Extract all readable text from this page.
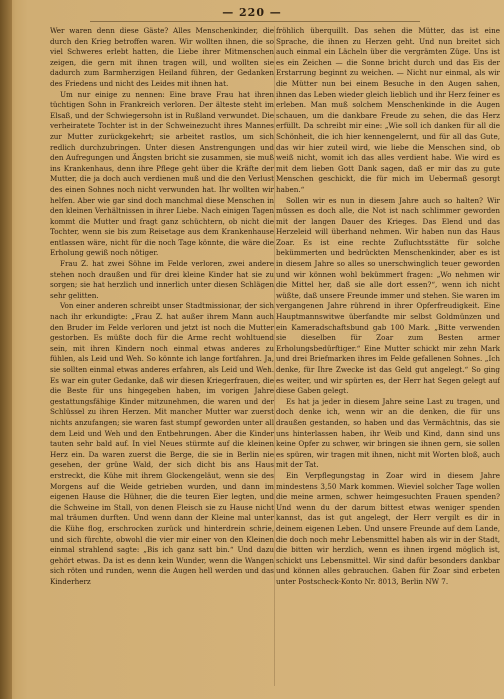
— 220 —

Wer waren denn diese Gäste? Alles Menschenkinder, die durch den Krieg betroffen waren. Wir wollten ihnen, die so viel Schweres erlebt hatten, die Liebe ihrer Mitmenschen zeigen, die gern mit ihnen tragen will, und wollten sie dadurch zum Barmherzigen Heiland führen, der Gedanken des Friedens und nicht des Leides mit ihnen hat.

Um nur einige zu nennen: Eine brave Frau hat ihren tüchtigen Sohn in Frankreich verloren. Der älteste steht im Elsaß, und der Schwiegersohn ist in Rußland verwundet. Die verheiratete Tochter ist in der Schweinezucht ihres Mannes zur Mutter zurückgekehrt; sie arbeitet rastlos, um sich redlich durchzubringen. Unter diesen Anstrengungen und den Aufregungen und Ängsten bricht sie zusammen, sie muß ins Krankenhaus, denn ihre Pflege geht über die Kräfte der Mutter, die ja doch auch verdienen muß und die den Verlust des einen Sohnes noch nicht verwunden hat. Ihr wollten wir helfen. Aber wie gar sind doch manchmal diese Menschen in den kleinen Verhältnissen in ihrer Liebe. Nach einigen Tagen kommt die Mutter und fragt ganz schüchtern, ob nicht die Tochter, wenn sie bis zum Reisetage aus dem Krankenhause entlassen wäre, nicht für die noch Tage könnte, die wäre die Erholung gewiß noch nötiger.

Frau Z. hat zwei Söhne im Felde verloren, zwei andere stehen noch draußen und für drei kleine Kinder hat sie zu sorgen; sie hat herzlich und innerlich unter diesen Schlägen sehr gelitten.

Von einer anderen schreibt unser Stadtmissionar, der sich nach ihr erkundigte: „Frau Z. hat außer ihrem Mann auch den Bruder im Felde verloren und jetzt ist noch die Mutter gestorben. Es müßte doch für die Arme recht wohltuend sein, mit ihren Kindern noch einmal etwas anderes zu fühlen, als Leid und Weh. So könnte ich lange fortfahren. Ja, sie sollten einmal etwas anderes erfahren, als Leid und Weh. Es war ein guter Gedanke, daß wir diesen Kriegerfrauen, die die Beste für uns hingegeben haben, im vorigen Jahre gestattungsfähige Kinder mitzunehmen, die waren und der Schlüssel zu ihren Herzen. Mit mancher Mutter war zuerst nichts anzufangen; sie waren fast stumpf geworden unter all dem Leid und Weh und den Entbehrungen. Aber die Kinder tauten sehr bald auf. In viel Neues stürmte auf die kleinen Herz ein. Da waren zuerst die Berge, die sie in Berlin nie gesehen, der grüne Wald, der sich dicht bis ans Haus erstreckt, die Kühe mit ihrem Glockengeläut, wenn sie des Morgens auf die Weide getrieben wurden, und dann im eigenen Hause die Hühner, die die teuren Eier legten, und die Schweine im Stall, von denen Fleisch sie zu Hause nicht mal träumen durften. Und wenn dann der Kleine mal unter die Kühe flog, erschrocken zurück und hinterdrein schrie, und sich fürchte, obwohl die vier mir einer von den Kleinen einmal strahlend sagte: „Bis ich ganz satt bin.“ Und dazu gehört etwas. Da ist es denn kein Wunder, wenn die Wangen sich röten und runden, wenn die Augen hell werden und das Kinderherz

fröhlich überquillt. Das sehen die Mütter, das ist eine Sprache, die ihnen zu Herzen geht. Und nun breitet sich auch einmal ein Lächeln über die vergrämten Züge. Uns ist es ein Zeichen — die Sonne bricht durch und das Eis der Erstarrung beginnt zu weichen. — Nicht nur einmal, als wir die Mütter nun bei einem Besuche in den Augen sahen, ihnen das Leben wieder gleich lieblich und ihr Herz feiner es erleben. Man muß solchem Menschenkinde in die Augen schauen, um die dankbare Freude zu sehen, die das Herz erfüllt. Da schreibt mir eine: „Wie soll ich danken für all die Schönheit, die ich hier kennengelernt, und für all das Gute, das wir hier zuteil wird, wie liebe die Menschen sind, ob weiß nicht, womit ich das alles verdient habe. Wie wird es mit dem lieben Gott Dank sagen, daß er mir das zu gute Menschen geschickt, die für mich im Uebermaß gesorgt haben.“

Sollen wir es nun in diesem Jahre auch so halten? Wir müssen es doch alle, die Not ist nach schlimmer geworden mit der langen Dauer des Krieges. Das Elend und das Herzeleid will überhand nehmen. Wir haben nun das Haus Zoar. Es ist eine rechte Zufluchtsstätte für solche bekümmerten und bedrückten Menschenkinder, aber es ist in diesem Jahre so alles so unerschwinglich teuer geworden und wir können wohl bekümmert fragen: „Wo nehmen wir die Mittel her, daß sie alle dort essen?“, wenn ich nicht wüßte, daß unsere Freunde immer und stehen. Sie waren im vergangenen Jahre rührend in ihrer Opferfreudigkeit. Eine Hauptmannswitwe überfandte mir selbst Goldmünzen und ein Kameradschaftsbund gab 100 Mark. „Bitte verwenden sie dieselben für Zoar zum Besten armer Erholungsbedürftiger.“ Eine Mutter schickt mir zehn Mark und drei Briefmarken ihres im Felde gefallenen Sohnes. „Ich denke, für Ihre Zwecke ist das Geld gut angelegt.“ So ging es weiter, und wir spürten es, der Herr hat Segen gelegt auf diese Gaben gelegt.

Es hat ja jeder in diesem Jahre seine Last zu tragen, und doch denke ich, wenn wir an die denken, die für uns draußen gestanden, so haben und das Vermächtnis, das sie uns hinterlassen haben, ihr Weib und Kind, dann sind uns keine Opfer zu schwer, wir bringen sie ihnen gern, sie sollen es spüren, wir tragen mit ihnen, nicht mit Worten bloß, auch mit der Tat.

Ein Verpflegungstag in Zoar wird in diesem Jahre mindestens 3,50 Mark kommen. Wieviel solcher Tage wollen die meine armen, schwer heimgesuchten Frauen spenden? Und wenn du der darum bittest etwas weniger spenden kannst, das ist gut angelegt, der Herr vergilt es dir in deinem eigenen Leben. Und unsere Freunde auf dem Lande, die doch noch mehr Lebensmittel haben als wir in der Stadt, die bitten wir herzlich, wenn es ihnen irgend möglich ist, schickt uns Lebensmittel. Wir sind dafür besonders dankbar und können alles gebrauchen. Gaben für Zoar sind erbeten unter Postscheck-Konto Nr. 8013, Berlin NW 7.
